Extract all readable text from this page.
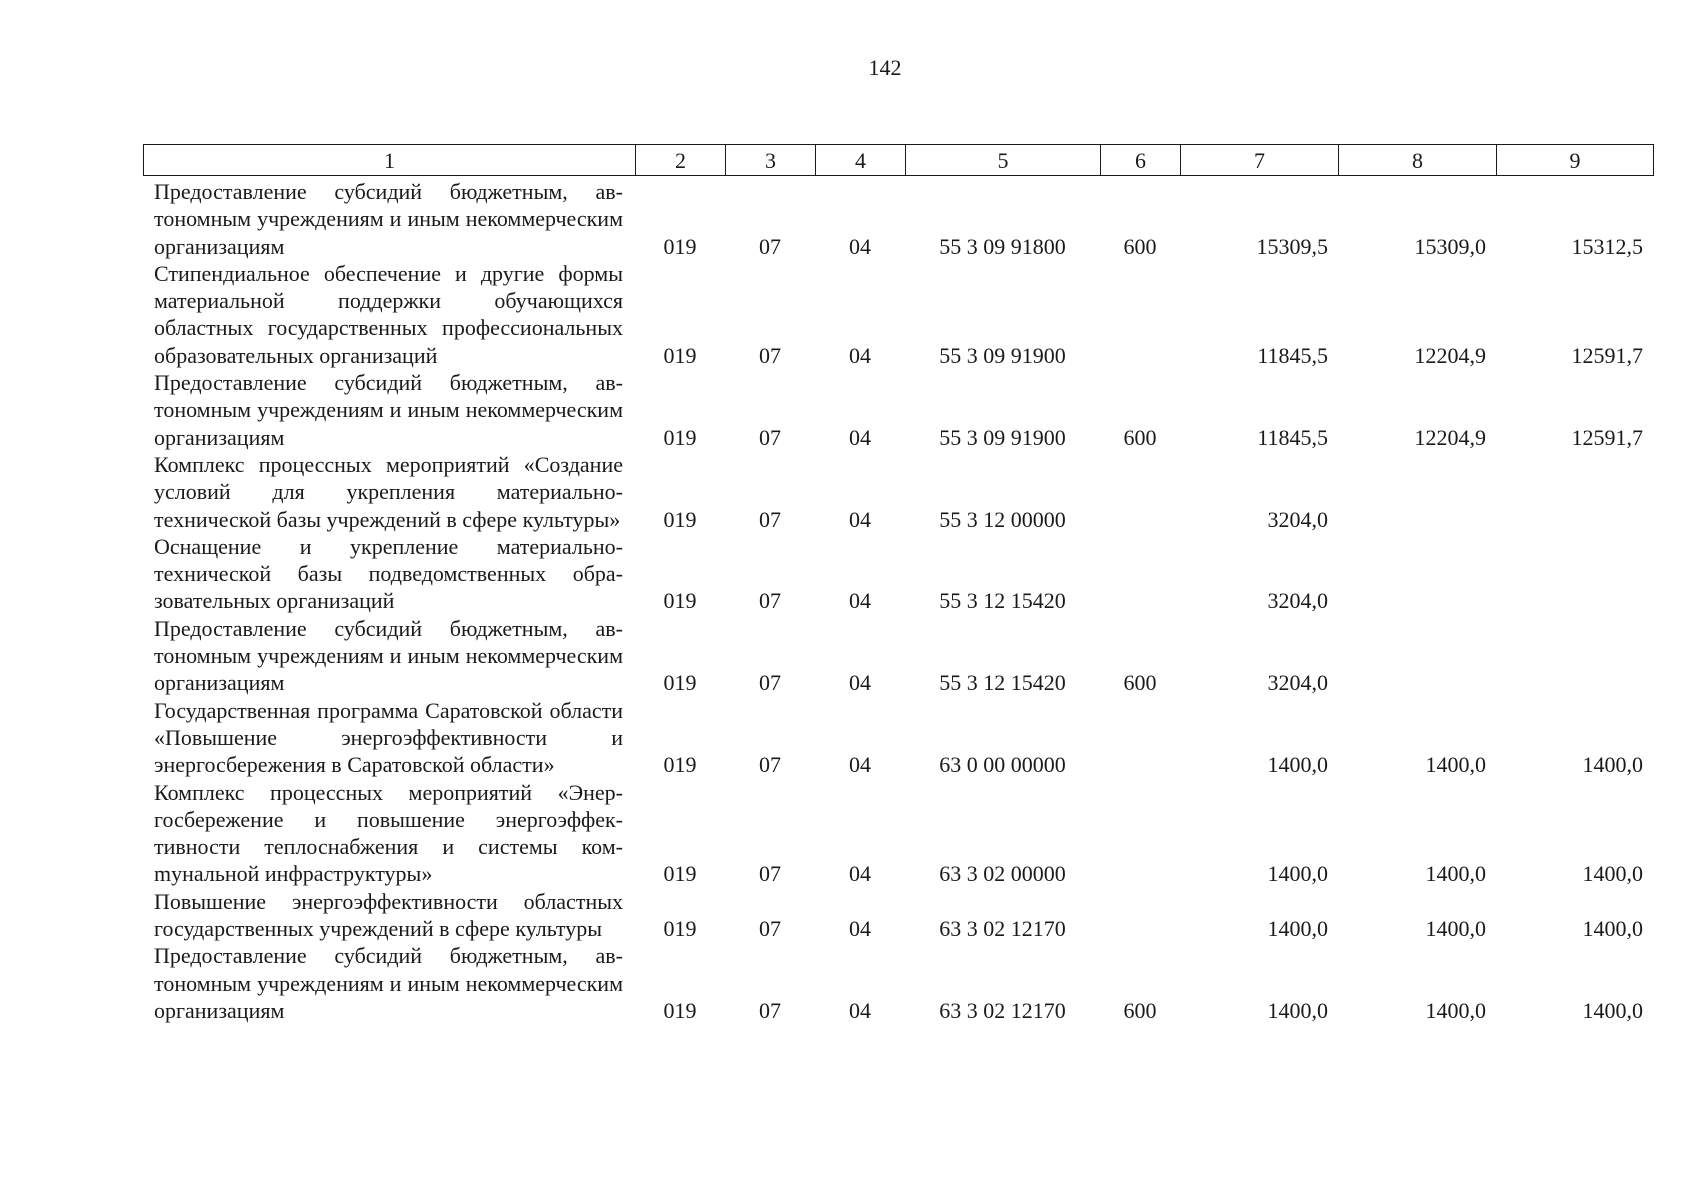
142
1	2	3	4	5	6	7	8	9
Предоставление субсидий бюджетным, автономным учреждениям и иным некоммерческим организациям	019	07	04	55 3 09 91800	600	15309,5	15309,0	15312,5
Стипендиальное обеспечение и другие формы материальной поддержки обучающихся областных государственных профессиональных образовательных организаций	019	07	04	55 3 09 91900		11845,5	12204,9	12591,7
Предоставление субсидий бюджетным, автономным учреждениям и иным некоммерческим организациям	019	07	04	55 3 09 91900	600	11845,5	12204,9	12591,7
Комплекс процессных мероприятий «Создание условий для укрепления материально-технической базы учреждений в сфере культуры»	019	07	04	55 3 12 00000		3204,0		
Оснащение и укрепление материально-технической базы подведомственных образовательных организаций	019	07	04	55 3 12 15420		3204,0		
Предоставление субсидий бюджетным, автономным учреждениям и иным некоммерческим организациям	019	07	04	55 3 12 15420	600	3204,0		
Государственная программа Саратовской области «Повышение энергоэффективности и энергосбережения в Саратовской области»	019	07	04	63 0 00 00000		1400,0	1400,0	1400,0
Комплекс процессных мероприятий «Энергосбережение и повышение энергоэффективности теплоснабжения и системы комmунальной инфраструктуры»	019	07	04	63 3 02 00000		1400,0	1400,0	1400,0
Повышение энергоэффективности областных государственных учреждений в сфере культуры	019	07	04	63 3 02 12170		1400,0	1400,0	1400,0
Предоставление субсидий бюджетным, автономным учреждениям и иным некоммерческим организациям	019	07	04	63 3 02 12170	600	1400,0	1400,0	1400,0
